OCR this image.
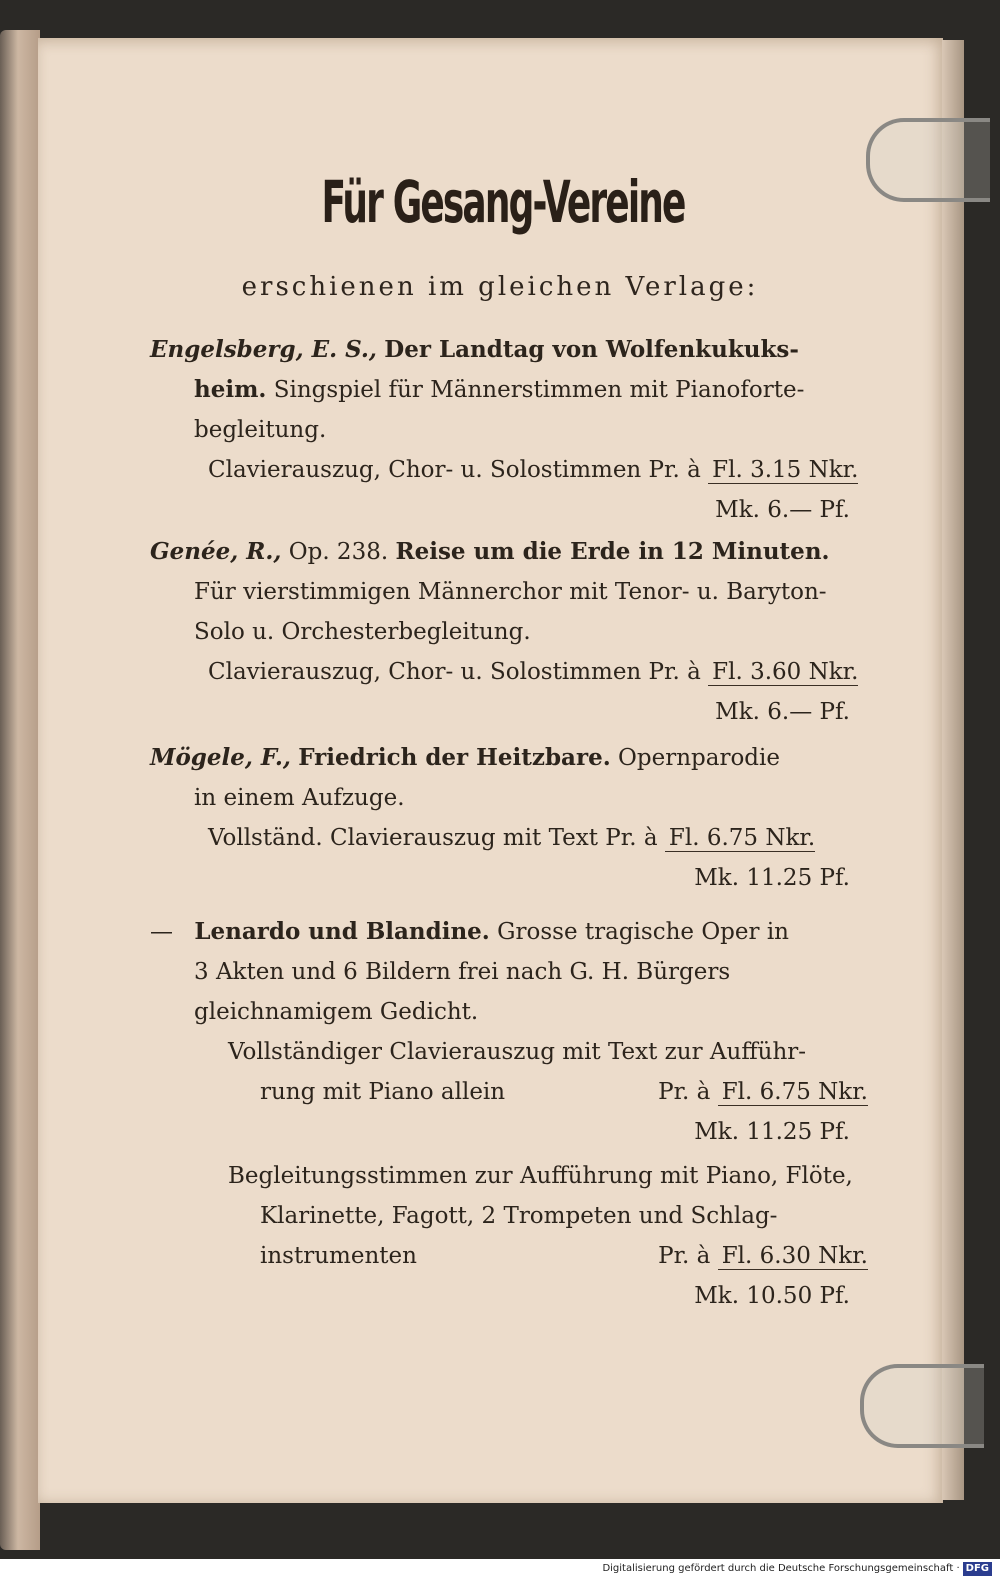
Für Gesang-Vereine
erschienen im gleichen Verlage:

Engelsberg, E. S., Der Landtag von Wolfenkukuks-

heim. Singspiel für Männerstimmen mit Pianoforte-

begleitung.

Clavierauszug, Chor- u. Solostimmen Pr. à Fl. 3.15 Nkr.

Mk. 6.— Pf.

Genée, R., Op. 238. Reise um die Erde in 12 Minuten.

Für vierstimmigen Männerchor mit Tenor- u. Baryton-

Solo u. Orchesterbegleitung.

Clavierauszug, Chor- u. Solostimmen Pr. à Fl. 3.60 Nkr.

Mk. 6.— Pf.

Mögele, F., Friedrich der Heitzbare. Opernparodie

in einem Aufzuge.

Vollständ. Clavierauszug mit Text Pr. à Fl. 6.75 Nkr.

Mk. 11.25 Pf.

— Lenardo und Blandine. Grosse tragische Oper in

3 Akten und 6 Bildern frei nach G. H. Bürgers

gleichnamigem Gedicht.

Vollständiger Clavierauszug mit Text zur Aufführ-

rung mit Piano allein	Pr. à Fl. 6.75 Nkr.

Mk. 11.25 Pf.

Begleitungsstimmen zur Aufführung mit Piano, Flöte,

Klarinette, Fagott, 2 Trompeten und Schlag-

instrumenten	Pr. à Fl. 6.30 Nkr.

Mk. 10.50 Pf.

Digitalisierung gefördert durch die Deutsche Forschungsgemeinschaft · DFG
